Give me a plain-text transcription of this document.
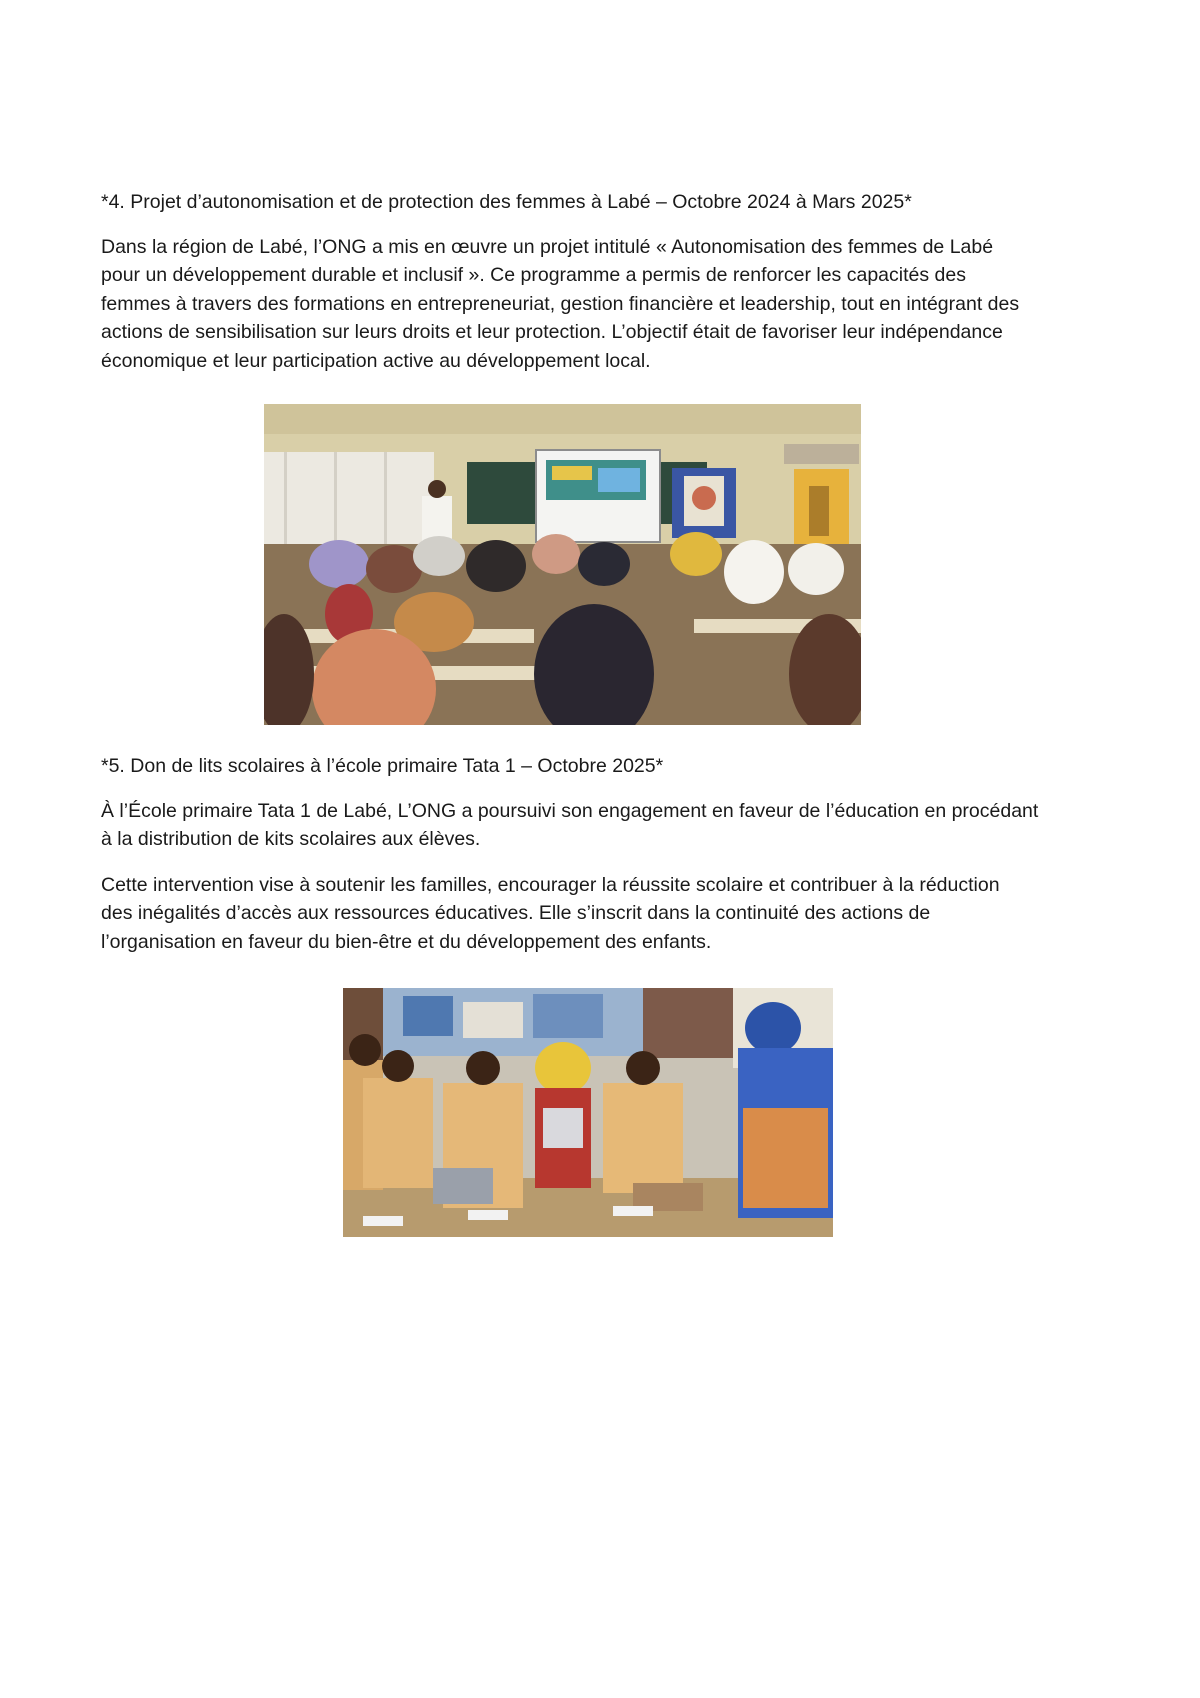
*4. Projet d’autonomisation et de protection des femmes à Labé – Octobre 2024 à Mars 2025*

Dans la région de Labé, l’ONG a mis en œuvre un projet intitulé « Autonomisation des femmes de Labé
pour un développement durable et inclusif ». Ce programme a permis de renforcer les capacités des
femmes à travers des formations en entrepreneuriat, gestion financière et leadership, tout en intégrant des
actions de sensibilisation sur leurs droits et leur protection. L’objectif était de favoriser leur indépendance
économique et leur participation active au développement local.

*5. Don de lits scolaires à l’école primaire Tata 1 – Octobre 2025*

À l’École primaire Tata 1 de Labé, L’ONG a poursuivi son engagement en faveur de l’éducation en procédant
à la distribution de kits scolaires aux élèves.
Cette intervention vise à soutenir les familles, encourager la réussite scolaire et contribuer à la réduction
des inégalités d’accès aux ressources éducatives. Elle s’inscrit dans la continuité des actions de
l’organisation en faveur du bien-être et du développement des enfants.
